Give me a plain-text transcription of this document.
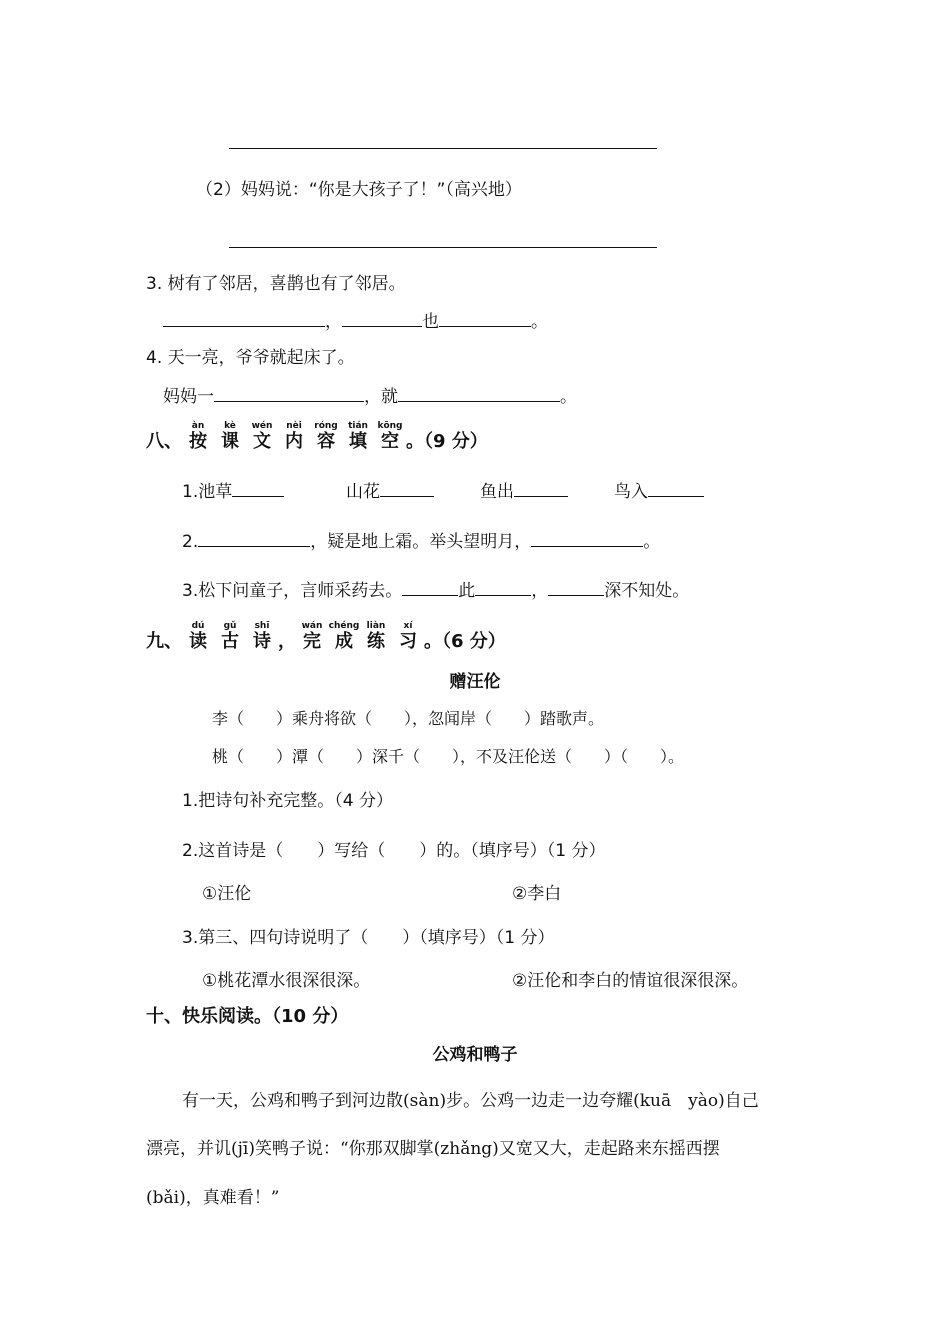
（2）妈妈说：“你是大孩子了！”（高兴地）
3. 树有了邻居，喜鹊也有了邻居。
，	也	。
4. 天一亮，爷爷就起床了。
妈妈一	，就	。
八、
àn
按
kè
课
wén
文
nèi
内
róng
容
tián
填
kōng
空 。（9 分）
1.池草	山花	鱼出	鸟入
2.	，疑是地上霜。举头望明月，	。
3.松下问童子，言师采药去。	此	，	深不知处。
九、
dú
读
gǔ
古
shī
诗 ，
wán
完
chéng
成
liàn
练
xí
习 。（6 分）
赠汪伦
李（　　）乘舟将欲（　　），忽闻岸（　　）踏歌声。
桃（　　）潭（　　）深千（　　），不及汪伦送（　　）（　　）。
1.把诗句补充完整。（4 分）
2.这首诗是（　　）写给（　　）的。（填序号）（1 分）
①汪伦	②李白
3.第三、四句诗说明了（　　）（填序号）（1 分）
①桃花潭水很深很深。	②汪伦和李白的情谊很深很深。
十、快乐阅读。（10 分）
公鸡和鸭子
有一天，公鸡和鸭子到河边散(sàn)步。公鸡一边走一边夸耀(kuā　yào)自己
漂亮，并讥(jī)笑鸭子说：“你那双脚掌(zhǎng)又宽又大，走起路来东摇西摆
(bǎi)，真难看！”
